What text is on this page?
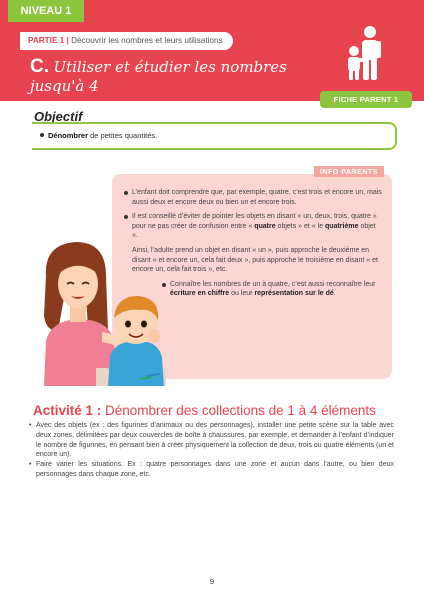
NIVEAU 1
PARTIE 1 | Découvrir les nombres et leurs utilisations
C. Utiliser et étudier les nombres
jusqu'à 4
FICHE PARENT 1
Objectif
Dénombrer de petites quantités.
INFO PARENTS
L’enfant doit comprendre que, par exemple, quatre, c’est trois et encore un, mais aussi deux et encore deux ou bien un et encore trois.
Il est conseillé d’éviter de pointer les objets en disant « un, deux, trois, quatre » pour ne pas créer de confusion entre « quatre objets » et « le quatrième objet ».
Ainsi, l’adulte prend un objet en disant « un », puis approche le deuxième en disant « et encore un, cela fait deux », puis approche le troisième en disant « et encore un, cela fait trois », etc.
Connaître les nombres de un à quatre, c’est aussi reconnaître leur écriture en chiffre ou leur représentation sur le dé.
Activité 1 : Dénombrer des collections de 1 à 4 éléments
• Avec des objets (ex : des figurines d’animaux ou des personnages), installer une petite scène sur la table avec deux zones, délimitées par deux couvercles de boîte à chaussures, par exemple, et demander à l’enfant d’indiquer le nombre de figurines, en pensant bien à créer physiquement la collection de deux, trois ou quatre éléments (un et encore un).
• Faire varier les situations. Ex : quatre personnages dans une zone et aucun dans l’autre, ou bien deux personnages dans chaque zone, etc.
9
